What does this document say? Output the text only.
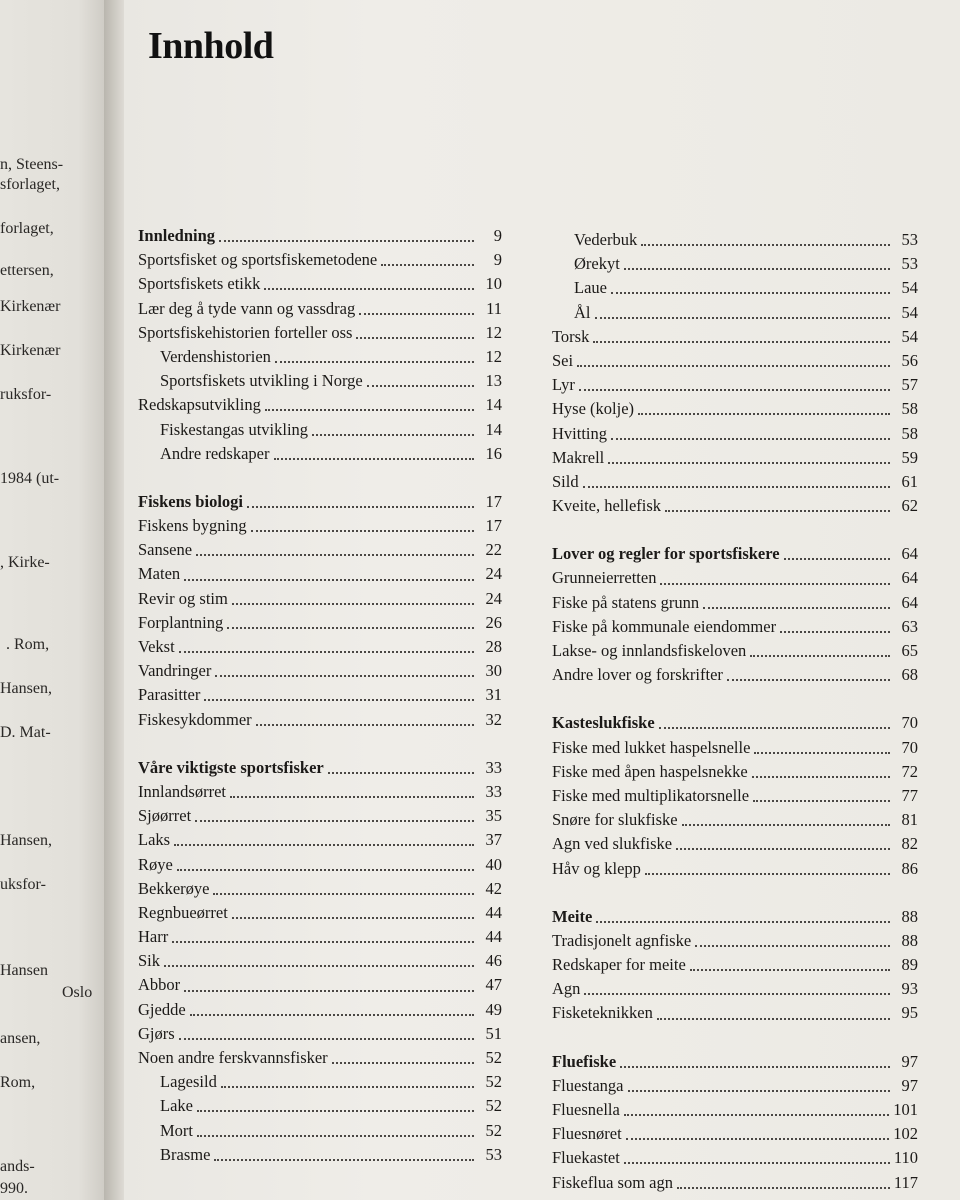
n, Steens-
sforlaget,
forlaget,
ettersen,
Kirkenær
Kirkenær
ruksfor-
1984 (ut-
, Kirke-
. Rom,
Hansen,
D. Mat-
Hansen,
uksfor-
Hansen
Oslo
ansen,
Rom,
ands-
990.
Innhold
Innledning	9
Sportsfisket og sportsfiskemetodene	9
Sportsfiskets etikk	10
Lær deg å tyde vann og vassdrag	11
Sportsfiskehistorien forteller oss	12
Verdenshistorien	12
Sportsfiskets utvikling i Norge	13
Redskapsutvikling	14
Fiskestangas utvikling	14
Andre redskaper	16
Fiskens biologi	17
Fiskens bygning	17
Sansene	22
Maten	24
Revir og stim	24
Forplantning	26
Vekst	28
Vandringer	30
Parasitter	31
Fiskesykdommer	32
Våre viktigste sportsfisker	33
Innlandsørret	33
Sjøørret	35
Laks	37
Røye	40
Bekkerøye	42
Regnbueørret	44
Harr	44
Sik	46
Abbor	47
Gjedde	49
Gjørs	51
Noen andre ferskvannsfisker	52
Lagesild	52
Lake	52
Mort	52
Brasme	53
Vederbuk	53
Ørekyt	53
Laue	54
Ål	54
Torsk	54
Sei	56
Lyr	57
Hyse (kolje)	58
Hvitting	58
Makrell	59
Sild	61
Kveite, hellefisk	62
Lover og regler for sportsfiskere	64
Grunneierretten	64
Fiske på statens grunn	64
Fiske på kommunale eiendommer	63
Lakse- og innlandsfiskeloven	65
Andre lover og forskrifter	68
Kasteslukfiske	70
Fiske med lukket haspelsnelle	70
Fiske med åpen haspelsnekke	72
Fiske med multiplikatorsnelle	77
Snøre for slukfiske	81
Agn ved slukfiske	82
Håv og klepp	86
Meite	88
Tradisjonelt agnfiske	88
Redskaper for meite	89
Agn	93
Fisketeknikken	95
Fluefiske	97
Fluestanga	97
Fluesnella	101
Fluesnøret	102
Fluekastet	110
Fiskeflua som agn	117
